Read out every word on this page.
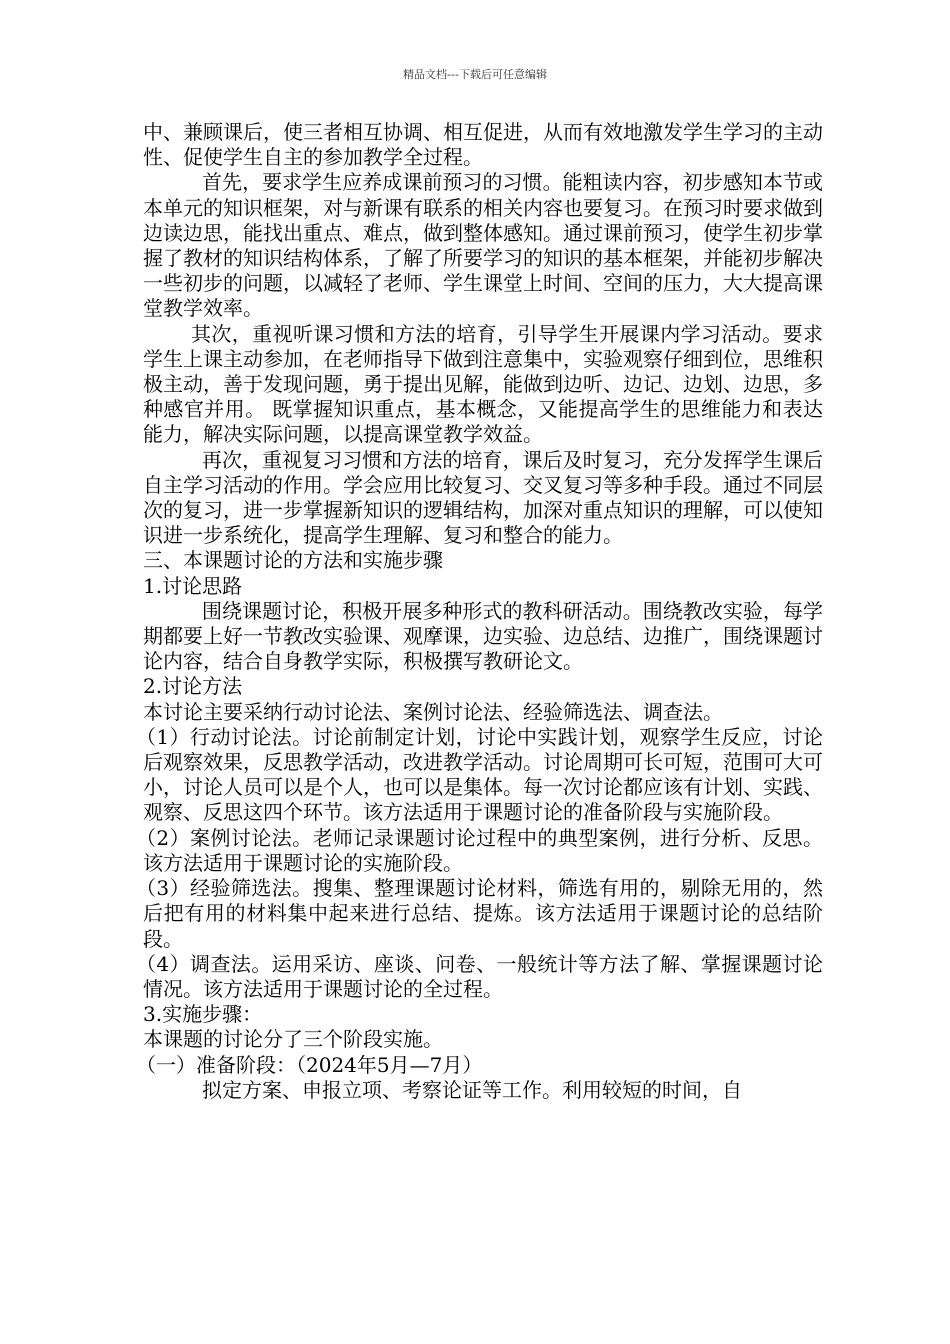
精品文档---下载后可任意编辑

中、兼顾课后，使三者相互协调、相互促进，从而有效地激发学生学习的主动性、促使学生自主的参加教学全过程。

首先，要求学生应养成课前预习的习惯。能粗读内容，初步感知本节或本单元的知识框架，对与新课有联系的相关内容也要复习。在预习时要求做到边读边思，能找出重点、难点，做到整体感知。通过课前预习，使学生初步掌握了教材的知识结构体系，了解了所要学习的知识的基本框架，并能初步解决一些初步的问题，以减轻了老师、学生课堂上时间、空间的压力，大大提高课堂教学效率。

其次，重视听课习惯和方法的培育，引导学生开展课内学习活动。要求学生上课主动参加，在老师指导下做到注意集中，实验观察仔细到位，思维积极主动，善于发现问题，勇于提出见解，能做到边听、边记、边划、边思，多种感官并用。 既掌握知识重点，基本概念，又能提高学生的思维能力和表达能力，解决实际问题，以提高课堂教学效益。

再次，重视复习习惯和方法的培育，课后及时复习，充分发挥学生课后自主学习活动的作用。学会应用比较复习、交叉复习等多种手段。通过不同层次的复习，进一步掌握新知识的逻辑结构，加深对重点知识的理解，可以使知识进一步系统化，提高学生理解、复习和整合的能力。

三、本课题讨论的方法和实施步骤

1.讨论思路

围绕课题讨论，积极开展多种形式的教科研活动。围绕教改实验，每学期都要上好一节教改实验课、观摩课，边实验、边总结、边推广，围绕课题讨论内容，结合自身教学实际，积极撰写教研论文。

2.讨论方法

本讨论主要采纳行动讨论法、案例讨论法、经验筛选法、调查法。

（1）行动讨论法。讨论前制定计划，讨论中实践计划，观察学生反应，讨论后观察效果，反思教学活动，改进教学活动。讨论周期可长可短，范围可大可小，讨论人员可以是个人，也可以是集体。每一次讨论都应该有计划、实践、观察、反思这四个环节。该方法适用于课题讨论的准备阶段与实施阶段。

（2）案例讨论法。老师记录课题讨论过程中的典型案例，进行分析、反思。该方法适用于课题讨论的实施阶段。

（3）经验筛选法。搜集、整理课题讨论材料，筛选有用的，剔除无用的，然后把有用的材料集中起来进行总结、提炼。该方法适用于课题讨论的总结阶段。

（4）调查法。运用采访、座谈、问卷、一般统计等方法了解、掌握课题讨论情况。该方法适用于课题讨论的全过程。

3.实施步骤：

本课题的讨论分了三个阶段实施。

（一）准备阶段：（2024年5月—7月）

拟定方案、申报立项、考察论证等工作。利用较短的时间，自
